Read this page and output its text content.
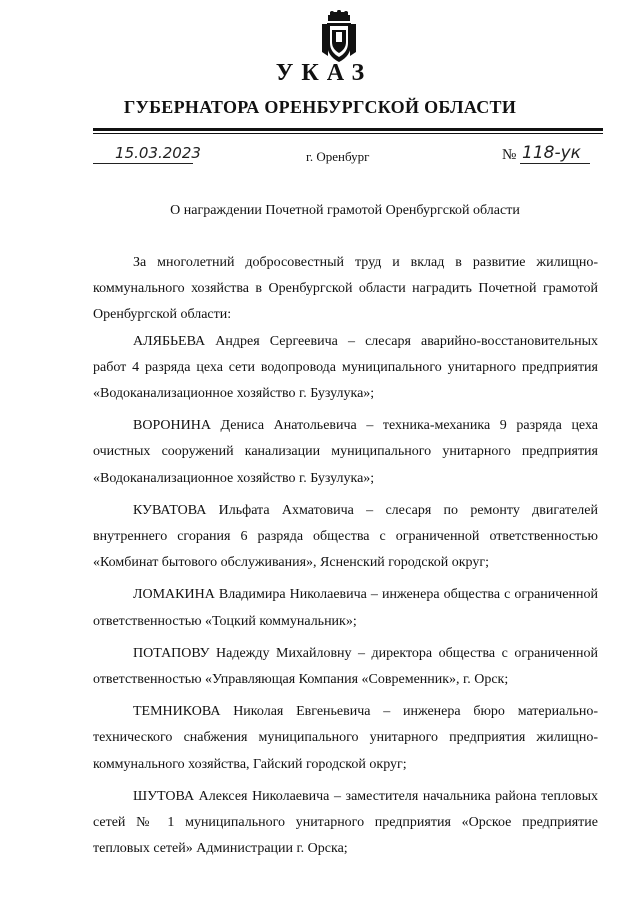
УКАЗ
ГУБЕРНАТОРА ОРЕНБУРГСКОЙ ОБЛАСТИ
15.03.2023	г. Оренбург	№ 118-ук
О награждении Почетной грамотой Оренбургской области

За многолетний добросовестный труд и вклад в развитие жилищно-коммунального хозяйства в Оренбургской области наградить Почетной грамотой Оренбургской области:

АЛЯБЬЕВА Андрея Сергеевича – слесаря аварийно-восстановительных работ 4 разряда цеха сети водопровода муниципального унитарного предприятия «Водоканализационное хозяйство г. Бузулука»;

ВОРОНИНА Дениса Анатольевича – техника-механика 9 разряда цеха очистных сооружений канализации муниципального унитарного предприятия «Водоканализационное хозяйство г. Бузулука»;

КУВАТОВА Ильфата Ахматовича – слесаря по ремонту двигателей внутреннего сгорания 6 разряда общества с ограниченной ответственностью «Комбинат бытового обслуживания», Ясненский городской округ;

ЛОМАКИНА Владимира Николаевича – инженера общества с ограниченной ответственностью «Тоцкий коммунальник»;

ПОТАПОВУ Надежду Михайловну – директора общества с ограниченной ответственностью «Управляющая Компания «Современник», г. Орск;

ТЕМНИКОВА Николая Евгеньевича – инженера бюро материально-технического снабжения муниципального унитарного предприятия жилищно-коммунального хозяйства, Гайский городской округ;

ШУТОВА Алексея Николаевича – заместителя начальника района тепловых сетей № 1 муниципального унитарного предприятия «Орское предприятие тепловых сетей» Администрации г. Орска;
